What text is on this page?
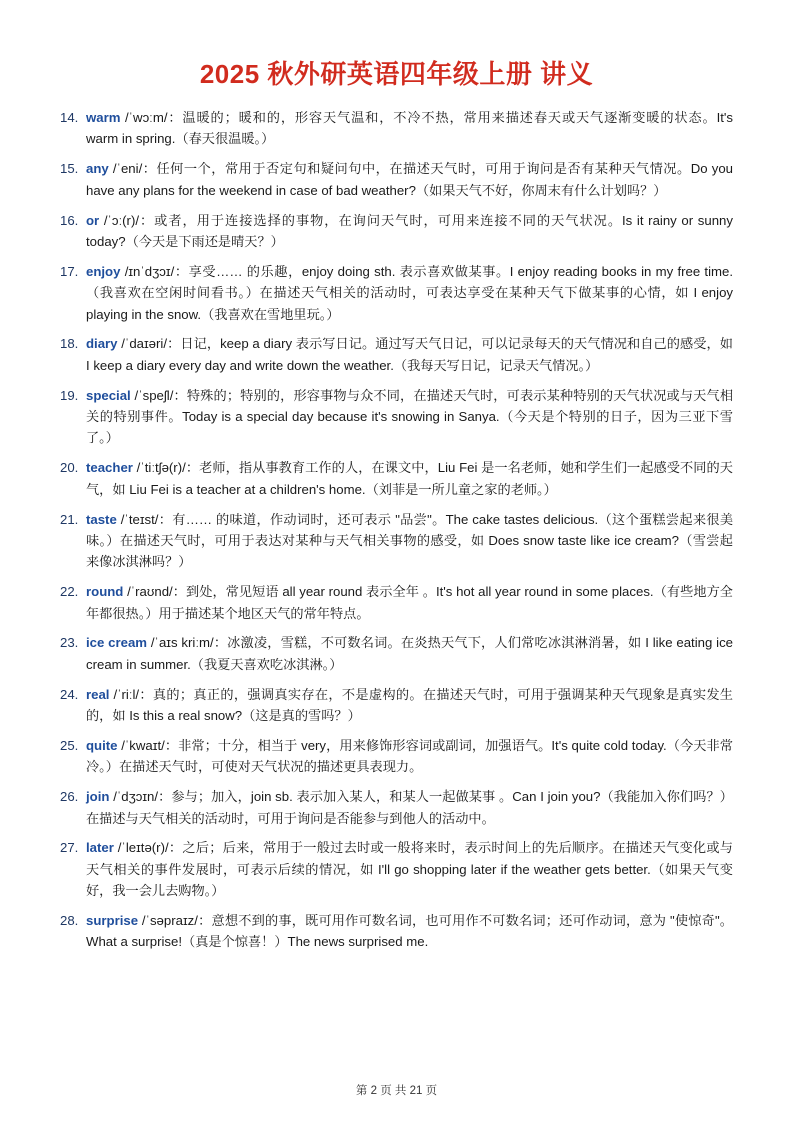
2025 秋外研英语四年级上册 讲义
14. warm /ˈwɔːm/：温暖的；暖和的，形容天气温和，不冷不热，常用来描述春天或天气逐渐变暖的状态。It's warm in spring.（春天很温暖。）
15. any /ˈeni/：任何一个，常用于否定句和疑问句中，在描述天气时，可用于询问是否有某种天气情况。Do you have any plans for the weekend in case of bad weather?（如果天气不好，你周末有什么计划吗？）
16. or /ˈɔː(r)/：或者，用于连接选择的事物，在询问天气时，可用来连接不同的天气状况。Is it rainy or sunny today?（今天是下雨还是晴天？）
17. enjoy /ɪnˈdʒɔɪ/：享受…… 的乐趣，enjoy doing sth. 表示喜欢做某事。I enjoy reading books in my free time.（我喜欢在空闲时间看书。）在描述天气相关的活动时，可表达享受在某种天气下做某事的心情，如 I enjoy playing in the snow.（我喜欢在雪地里玩。）
18. diary /ˈdaɪəri/：日记，keep a diary 表示写日记。通过写天气日记，可以记录每天的天气情况和自己的感受，如 I keep a diary every day and write down the weather.（我每天写日记，记录天气情况。）
19. special /ˈspeʃl/：特殊的；特别的，形容事物与众不同，在描述天气时，可表示某种特别的天气状况或与天气相关的特别事件。Today is a special day because it's snowing in Sanya.（今天是个特别的日子，因为三亚下雪了。）
20. teacher /ˈtiːtʃə(r)/：老师，指从事教育工作的人，在课文中，Liu Fei 是一名老师，她和学生们一起感受不同的天气，如 Liu Fei is a teacher at a children's home.（刘菲是一所儿童之家的老师。）
21. taste /ˈteɪst/：有…… 的味道，作动词时，还可表示 "品尝"。The cake tastes delicious.（这个蛋糕尝起来很美味。）在描述天气时，可用于表达对某种与天气相关事物的感受，如 Does snow taste like ice cream?（雪尝起来像冰淇淋吗？）
22. round /ˈraʊnd/：到处，常见短语 all year round 表示全年 。It's hot all year round in some places.（有些地方全年都很热。）用于描述某个地区天气的常年特点。
23. ice cream /ˈaɪs kriːm/：冰激凌，雪糕，不可数名词。在炎热天气下，人们常吃冰淇淋消暑，如 I like eating ice cream in summer.（我夏天喜欢吃冰淇淋。）
24. real /ˈriːl/：真的；真正的，强调真实存在，不是虚构的。在描述天气时，可用于强调某种天气现象是真实发生的，如 Is this a real snow?（这是真的雪吗？）
25. quite /ˈkwaɪt/：非常；十分，相当于 very，用来修饰形容词或副词，加强语气。It's quite cold today.（今天非常冷。）在描述天气时，可使对天气状况的描述更具表现力。
26. join /ˈdʒɔɪn/：参与；加入，join sb. 表示加入某人，和某人一起做某事 。Can I join you?（我能加入你们吗？）在描述与天气相关的活动时，可用于询问是否能参与到他人的活动中。
27. later /ˈleɪtə(r)/：之后；后来，常用于一般过去时或一般将来时，表示时间上的先后顺序。在描述天气变化或与天气相关的事件发展时，可表示后续的情况，如 I'll go shopping later if the weather gets better.（如果天气变好，我一会儿去购物。）
28. surprise /ˈsəpraɪz/：意想不到的事，既可用作可数名词，也可用作不可数名词；还可作动词，意为 "使惊奇"。What a surprise!（真是个惊喜！）The news surprised me.
第 2 页 共 21 页
